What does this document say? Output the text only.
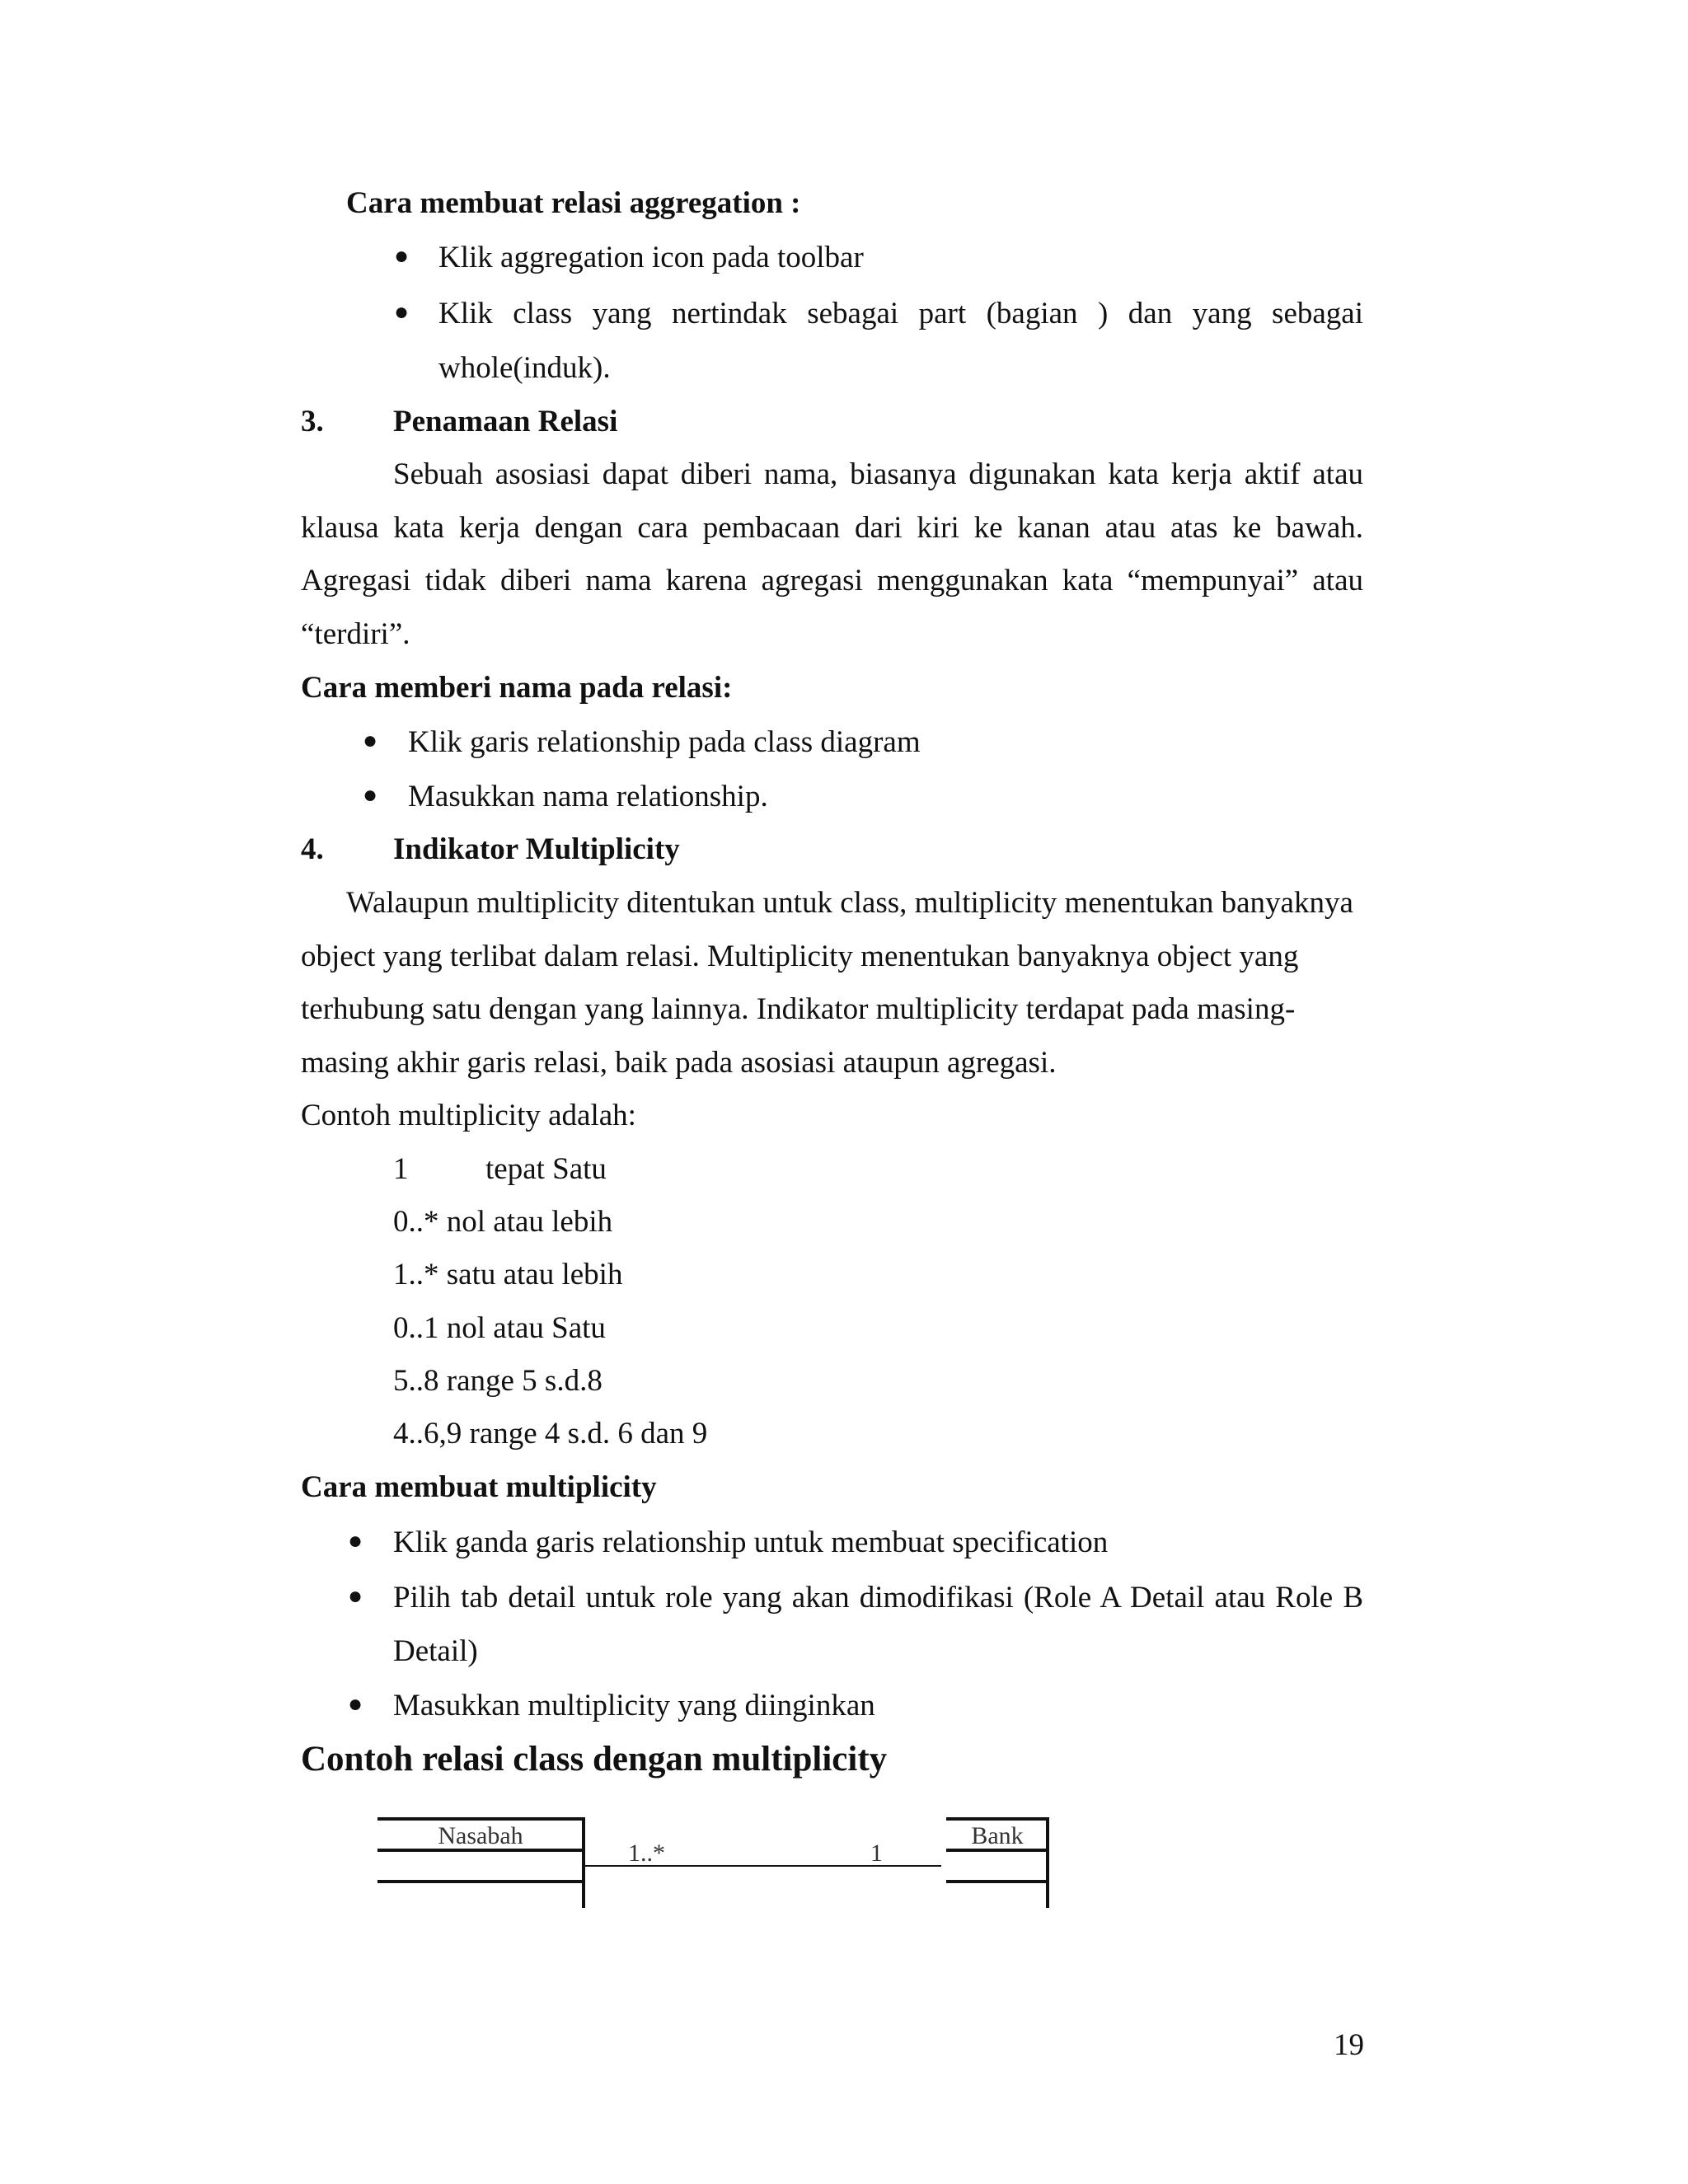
Cara membuat relasi aggregation :
● Klik aggregation icon pada toolbar
● Klik class yang nertindak sebagai part (bagian ) dan yang sebagai
whole(induk).
3. Penamaan Relasi
Sebuah asosiasi dapat diberi nama, biasanya digunakan kata kerja aktif atau
klausa kata kerja dengan cara pembacaan dari kiri ke kanan atau atas ke bawah.
Agregasi tidak diberi nama karena agregasi menggunakan kata “mempunyai” atau
“terdiri”.
Cara memberi nama pada relasi:
● Klik garis relationship pada class diagram
● Masukkan nama relationship.
4. Indikator Multiplicity
Walaupun multiplicity ditentukan untuk class, multiplicity menentukan banyaknya
object yang terlibat dalam relasi. Multiplicity menentukan banyaknya object yang
terhubung satu dengan yang lainnya. Indikator multiplicity terdapat pada masing-
masing akhir garis relasi, baik pada asosiasi ataupun agregasi.
Contoh multiplicity adalah:
1	tepat Satu
0..* nol atau lebih
1..* satu atau lebih
0..1 nol atau Satu
5..8 range 5 s.d.8
4..6,9 range 4 s.d. 6 dan 9
Cara membuat multiplicity
● Klik ganda garis relationship untuk membuat specification
● Pilih tab detail untuk role yang akan dimodifikasi (Role A Detail atau Role B
Detail)
● Masukkan multiplicity yang diinginkan
Contoh relasi class dengan multiplicity
Nasabah
1..*	1
Bank
19
